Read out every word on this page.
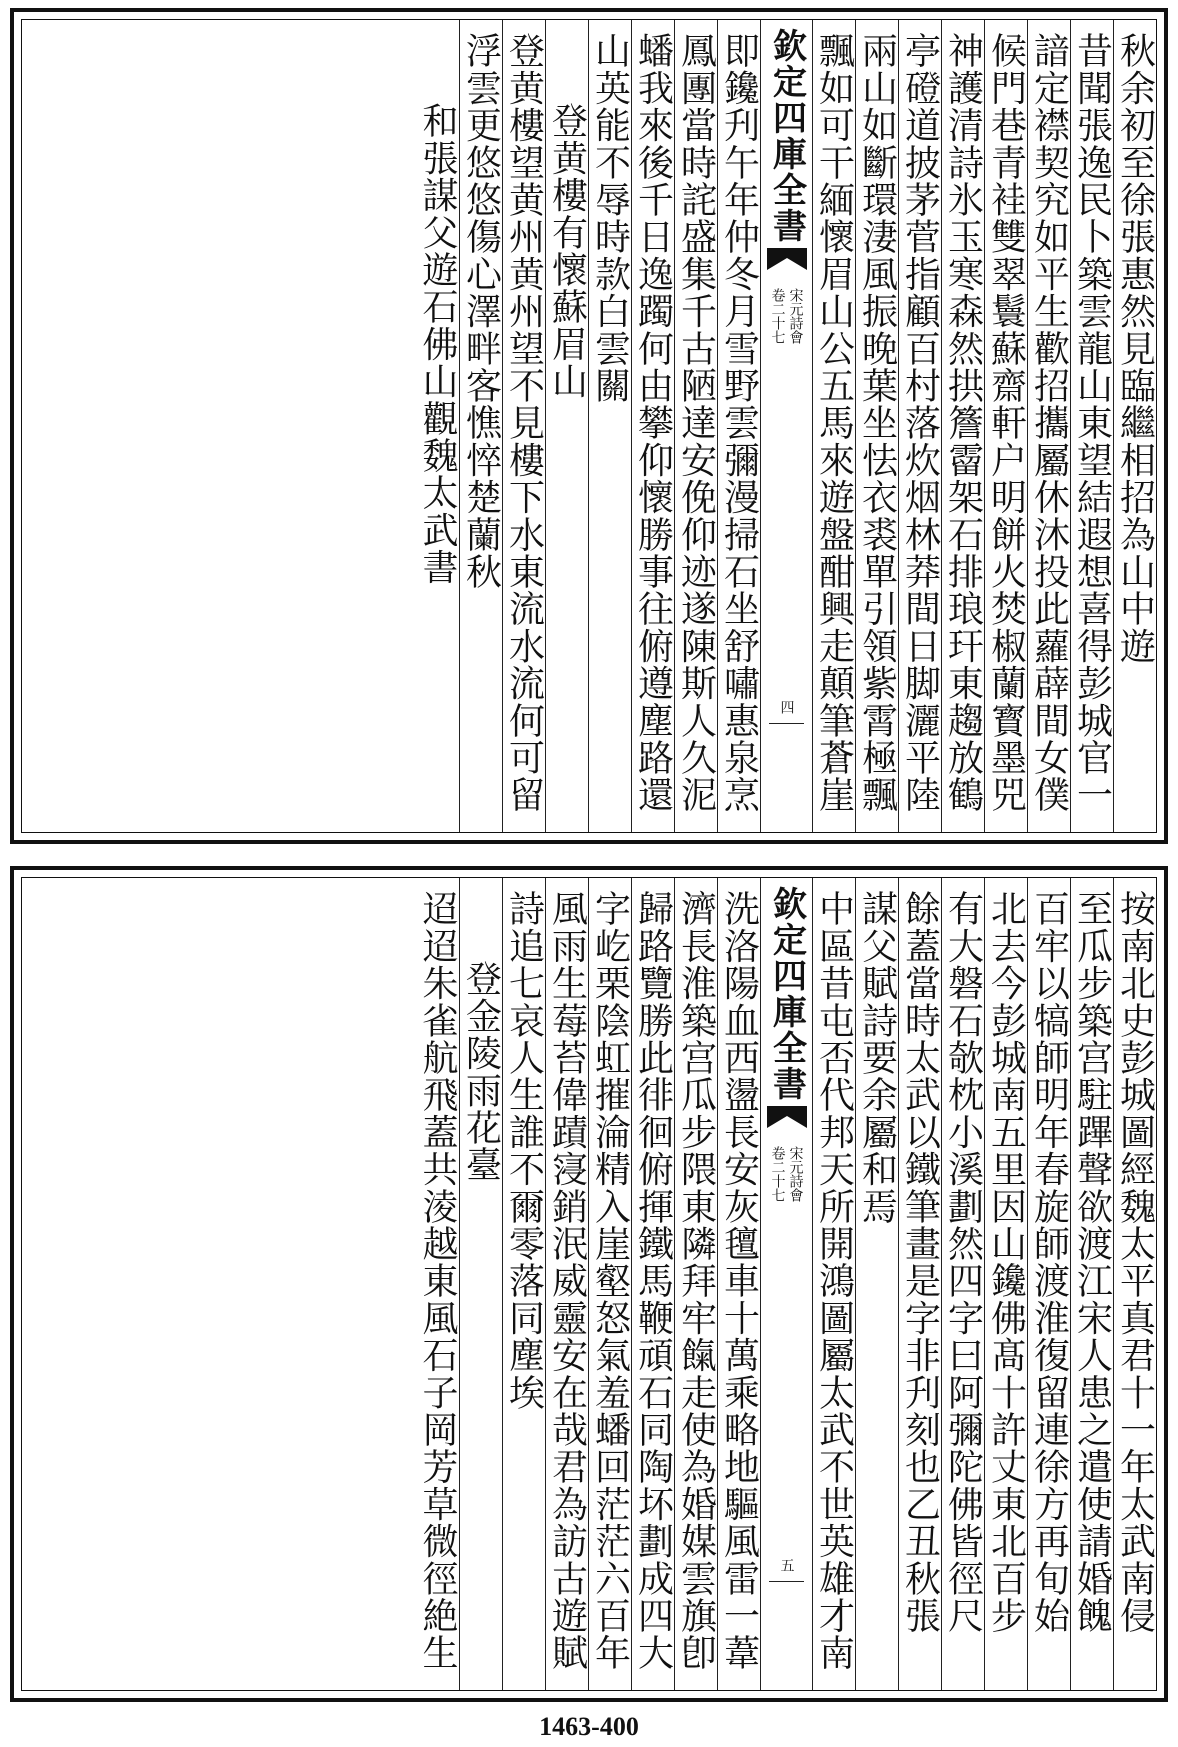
秋余初至徐張惠然見臨繼相招為山中遊
昔聞張逸民卜築雲龍山東望結遐想喜得彭城官一
諳定襟契究如平生歡招攜屬休沐投此蘿薜間女僕
候門巷青袿雙翠鬟蘇齋軒户明餅火焚椒蘭寳墨兕
神護清詩氷玉寒森然拱簷霤架石排琅玕東趨放鶴
亭磴道披茅菅指顧百村落炊烟林莽間日脚灑平陸
兩山如斷環淒風振晚葉坐怯衣裘單引領紫霄極飄
飄如可干緬懷眉山公五馬來遊盤酣興走顛筆蒼崖
欽定四庫全書
宋元詩會
卷二十七
四
即鑱刋午年仲冬月雪野雲彌漫掃石坐舒嘯惠泉烹
鳳團當時詫盛集千古陋達安俛仰迹遂陳斯人久泥
蟠我來後千日逸躅何由攀仰懷勝事往俯遵塵路還
山英能不辱時款白雲關
登黄樓有懷蘇眉山
登黄樓望黄州黄州望不見樓下水東流水流何可留
浮雲更悠悠傷心澤畔客憔悴楚蘭秋
和張謀父遊石佛山觀魏太武書
按南北史彭城圖經魏太平真君十一年太武南侵
至瓜步築宫駐蹕聲欲渡江宋人患之遣使請婚餽
百牢以犒師明年春旋師渡淮復留連徐方再旬始
北去今彭城南五里因山鑱佛髙十許丈東北百步
有大磐石欹枕小溪劃然四字曰阿彌陀佛皆徑尺
餘蓋當時太武以鐵筆畫是字非刋刻也乙丑秋張
謀父賦詩要余屬和焉
中區昔屯否代邦天所開鴻圖屬太武不世英雄才南
欽定四庫全書
宋元詩會
卷二十七
五
洗洛陽血西盪長安灰氊車十萬乘略地驅風雷一葦
濟長淮築宫瓜步隈東隣拜牢餼走使為婚媒雲旗卽
歸路覽勝此徘徊俯揮鐵馬鞭頑石同陶坏劃成四大
字屹栗陰虹摧淪精入崖壑怒氣羞蟠回茫茫六百年
風雨生莓苔偉蹟寖銷泯威靈安在哉君為訪古遊賦
詩追七哀人生誰不爾零落同塵埃
登金陵雨花臺
迢迢朱雀航飛蓋共淩越東風石子岡芳草微徑絶生
1463-400
